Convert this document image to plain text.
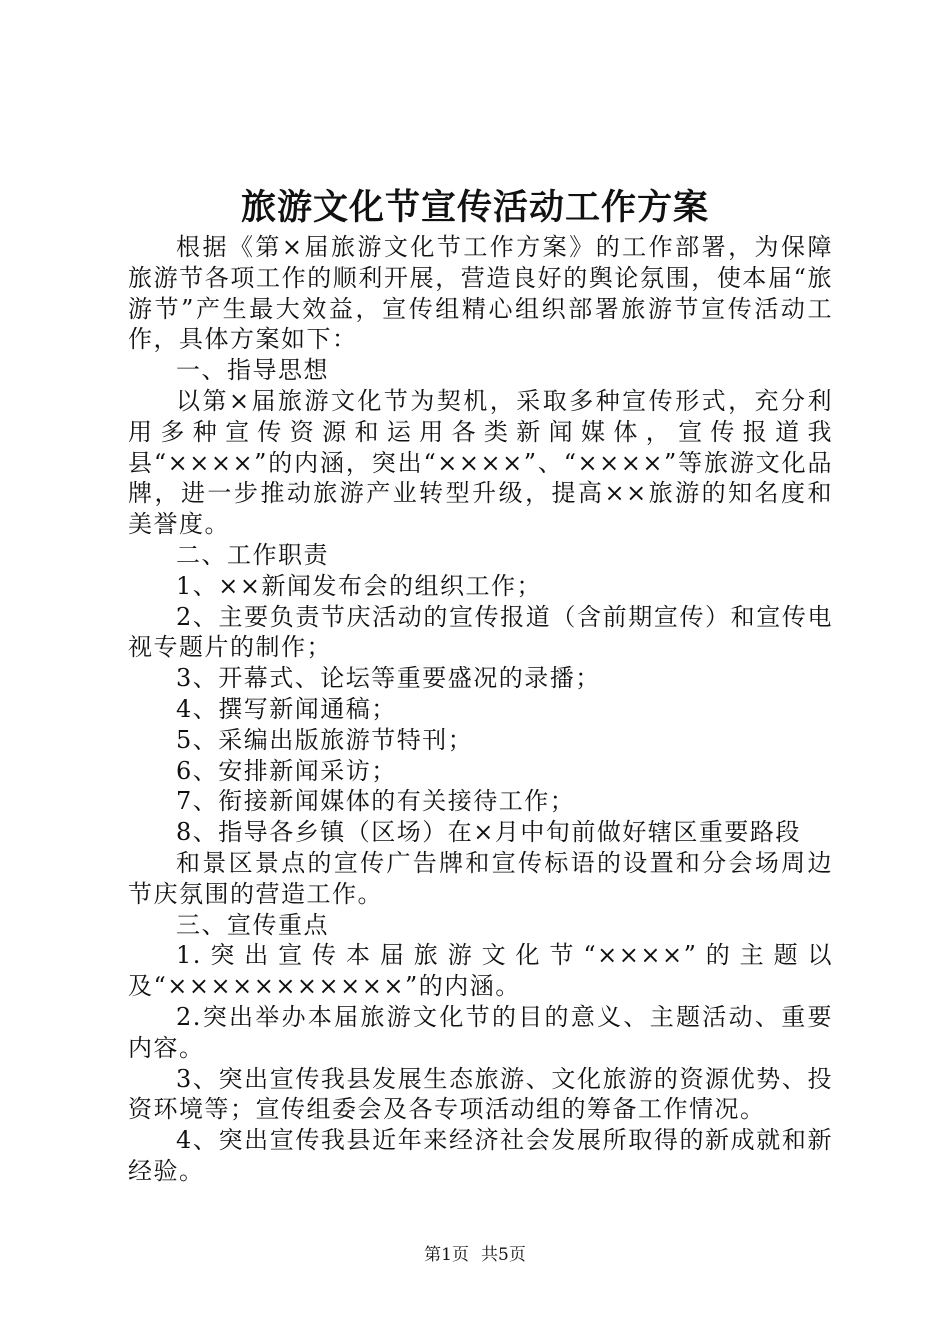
旅游文化节宣传活动工作方案

根据《第×届旅游文化节工作方案》的工作部署，为保障旅游节各项工作的顺利开展，营造良好的舆论氛围，使本届“旅游节”产生最大效益，宣传组精心组织部署旅游节宣传活动工作，具体方案如下：

一、指导思想

以第×届旅游文化节为契机，采取多种宣传形式，充分利用多种宣传资源和运用各类新闻媒体，宣传报道我县“××××”的内涵，突出“××××”、“××××”等旅游文化品牌，进一步推动旅游产业转型升级，提高××旅游的知名度和美誉度。

二、工作职责

1、××新闻发布会的组织工作；

2、主要负责节庆活动的宣传报道（含前期宣传）和宣传电视专题片的制作；

3、开幕式、论坛等重要盛况的录播；

4、撰写新闻通稿；

5、采编出版旅游节特刊；

6、安排新闻采访；

7、衔接新闻媒体的有关接待工作；

8、指导各乡镇（区场）在×月中旬前做好辖区重要路段

和景区景点的宣传广告牌和宣传标语的设置和分会场周边节庆氛围的营造工作。

三、宣传重点

1.突出宣传本届旅游文化节“××××”的主题以及“×××××××××××”的内涵。

2.突出举办本届旅游文化节的目的意义、主题活动、重要内容。

3、突出宣传我县发展生态旅游、文化旅游的资源优势、投资环境等；宣传组委会及各专项活动组的筹备工作情况。

4、突出宣传我县近年来经济社会发展所取得的新成就和新经验。

第1页 共5页
